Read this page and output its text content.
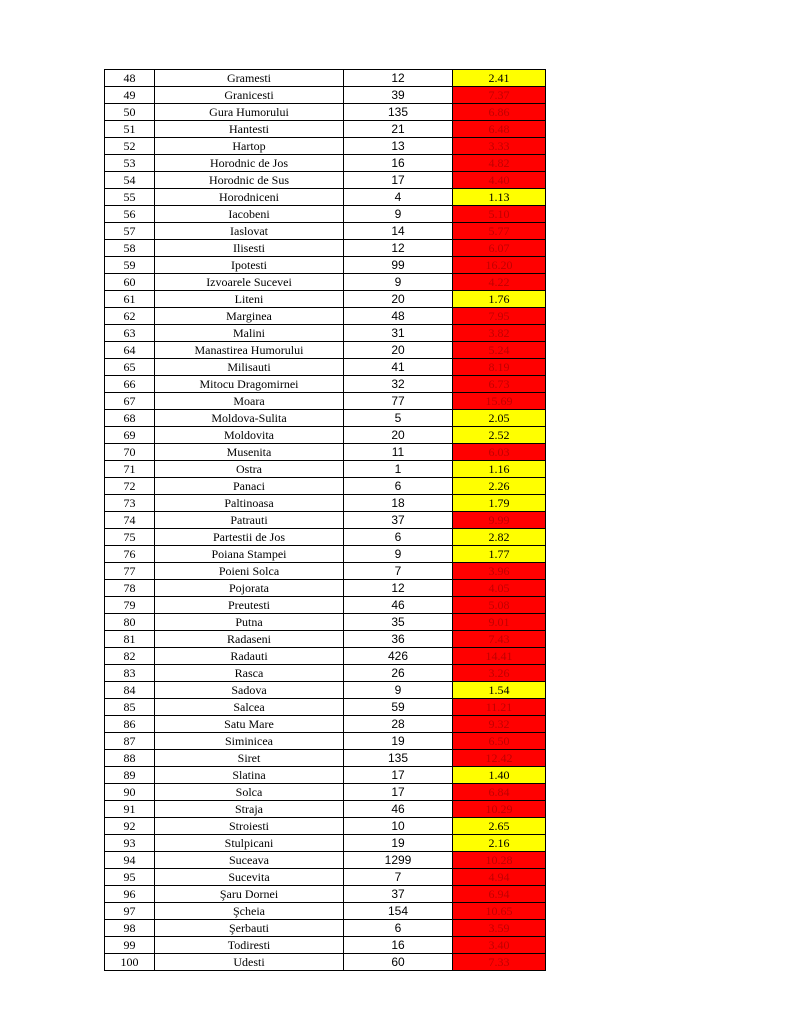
48	Gramesti	12	2.41
49	Granicesti	39	7.37
50	Gura Humorului	135	6.86
51	Hantesti	21	6.48
52	Hartop	13	3.33
53	Horodnic de Jos	16	4.82
54	Horodnic de Sus	17	4.40
55	Horodniceni	4	1.13
56	Iacobeni	9	5.10
57	Iaslovat	14	5.77
58	Ilisesti	12	6.07
59	Ipotesti	99	16.20
60	Izvoarele Sucevei	9	4.22
61	Liteni	20	1.76
62	Marginea	48	7.95
63	Malini	31	3.82
64	Manastirea Humorului	20	5.24
65	Milisauti	41	8.19
66	Mitocu Dragomirnei	32	6.73
67	Moara	77	15.69
68	Moldova-Sulita	5	2.05
69	Moldovita	20	2.52
70	Musenita	11	6.03
71	Ostra	1	1.16
72	Panaci	6	2.26
73	Paltinoasa	18	1.79
74	Patrauti	37	9.99
75	Partestii de Jos	6	2.82
76	Poiana Stampei	9	1.77
77	Poieni Solca	7	3.96
78	Pojorata	12	4.05
79	Preutesti	46	5.08
80	Putna	35	9.01
81	Radaseni	36	7.43
82	Radauti	426	14.41
83	Rasca	26	3.26
84	Sadova	9	1.54
85	Salcea	59	11.21
86	Satu Mare	28	9.32
87	Siminicea	19	6.50
88	Siret	135	12.42
89	Slatina	17	1.40
90	Solca	17	6.84
91	Straja	46	10.29
92	Stroiesti	10	2.65
93	Stulpicani	19	2.16
94	Suceava	1299	10.28
95	Sucevita	7	4.94
96	Şaru Dornei	37	6.94
97	Şcheia	154	10.65
98	Şerbauti	6	3.59
99	Todiresti	16	3.40
100	Udesti	60	7.33
